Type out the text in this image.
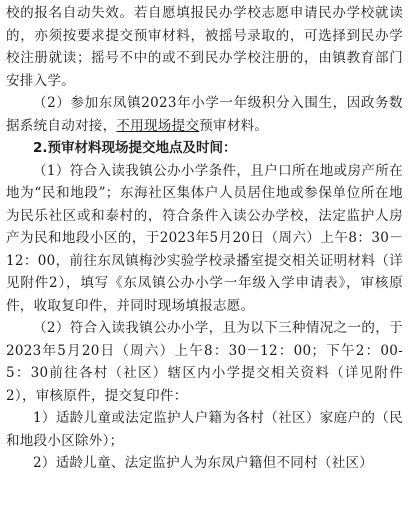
校的报名自动失效。若自愿填报民办学校志愿申请民办学校就读的，亦须按要求提交预审材料，被摇号录取的，可选择到民办学校注册就读；摇号不中的或不到民办学校注册的，由镇教育部门安排入学。

（2）参加东凤镇2023年小学一年级积分入围生，因政务数据系统自动对接，不用现场提交预审材料。

2.预审材料现场提交地点及时间：

（1）符合入读我镇公办小学条件，且户口所在地或房产所在地为“民和地段”；东海社区集体户人员居住地或参保单位所在地为民乐社区或和泰村的，符合条件入读公办学校，法定监护人房产为民和地段小区的，于2023年5月20日（周六）上午8：30－12：00，前往东凤镇梅沙实验学校录播室提交相关证明材料（详见附件2），填写《东凤镇公办小学一年级入学申请表》，审核原件，收取复印件，并同时现场填报志愿。

（2）符合入读我镇公办小学，且为以下三种情况之一的，于2023年5月20日（周六）上午8：30－12：00；下午2：00-5：30前往各村（社区）辖区内小学提交相关资料（详见附件2），审核原件，提交复印件：

1）适龄儿童或法定监护人户籍为各村（社区）家庭户的（民和地段小区除外）；

2）适龄儿童、法定监护人为东凤户籍但不同村（社区）
